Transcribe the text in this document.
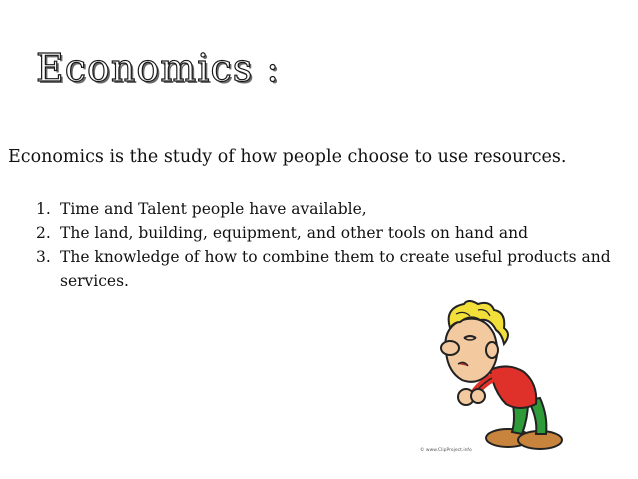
Economics :
Economics is the study of how people choose to use resources.
1. Time and Talent people have available,
2. The land, building, equipment, and other tools on hand and
3. The knowledge of how to combine them to create useful products and services.
© www.ClipProject.info
